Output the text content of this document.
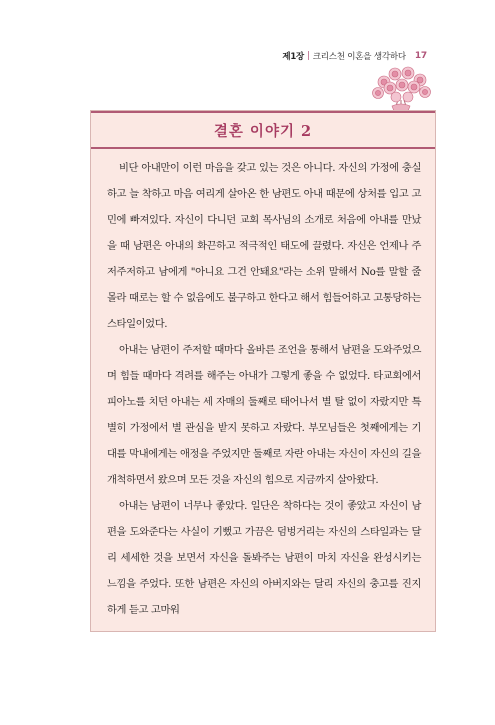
제1장 | 크리스천 이혼을 생각하다 17
결혼 이야기 2

비단 아내만이 이런 마음을 갖고 있는 것은 아니다. 자신의 가정에 충실하고 늘 착하고 마음 여리게 살아온 한 남편도 아내 때문에 상처를 입고 고민에 빠져있다. 자신이 다니던 교회 목사님의 소개로 처음에 아내를 만났을 때 남편은 아내의 화끈하고 적극적인 태도에 끌렸다. 자신은 언제나 주저주저하고 남에게 "아니요 그건 안돼요"라는 소위 말해서 No를 말할 줄 몰라 때로는 할 수 없음에도 불구하고 한다고 해서 힘들어하고 고통당하는 스타일이었다.

아내는 남편이 주저할 때마다 올바른 조언을 통해서 남편을 도와주었으며 힘들 때마다 격려를 해주는 아내가 그렇게 좋을 수 없었다. 타교회에서 피아노를 치던 아내는 세 자매의 둘째로 태어나서 별 탈 없이 자랐지만 특별히 가정에서 별 관심을 받지 못하고 자랐다. 부모님들은 첫째에게는 기대를 막내에게는 애정을 주었지만 둘째로 자란 아내는 자신이 자신의 길을 개척하면서 왔으며 모든 것을 자신의 힘으로 지금까지 살아왔다.

아내는 남편이 너무나 좋았다. 일단은 착하다는 것이 좋았고 자신이 남편을 도와준다는 사실이 기뻤고 가끔은 덤벙거리는 자신의 스타일과는 달리 세세한 것을 보면서 자신을 돌봐주는 남편이 마치 자신을 완성시키는 느낌을 주었다. 또한 남편은 자신의 아버지와는 달리 자신의 충고를 진지하게 듣고 고마워
